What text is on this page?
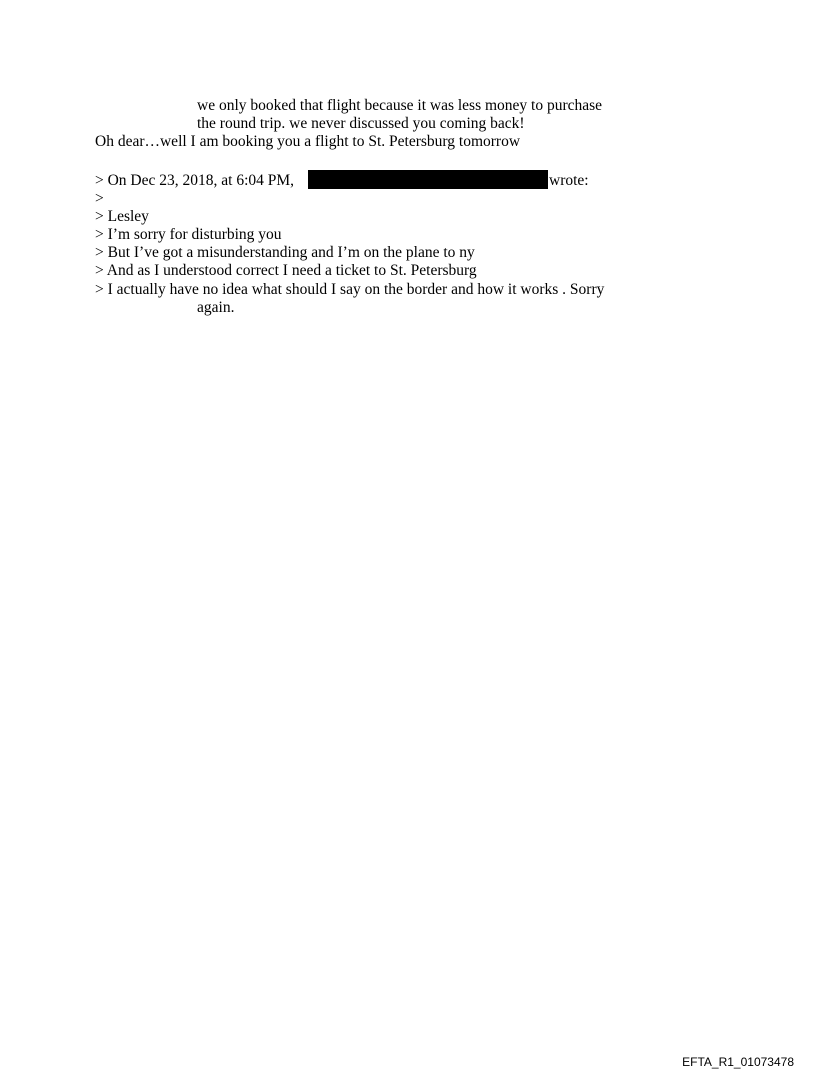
we only booked that flight because it was less money to purchase
the round trip. we never discussed you coming back!
Oh dear…well I am booking you a flight to St. Petersburg tomorrow
> On Dec 23, 2018, at 6:04 PM,	wrote:
>
> Lesley
> I’m sorry for disturbing you
> But I’ve got a misunderstanding and I’m on the plane to ny
> And as I understood correct I need a ticket to St. Petersburg
> I actually have no idea what should I say on the border and how it works . Sorry
again.
EFTA_R1_01073478
